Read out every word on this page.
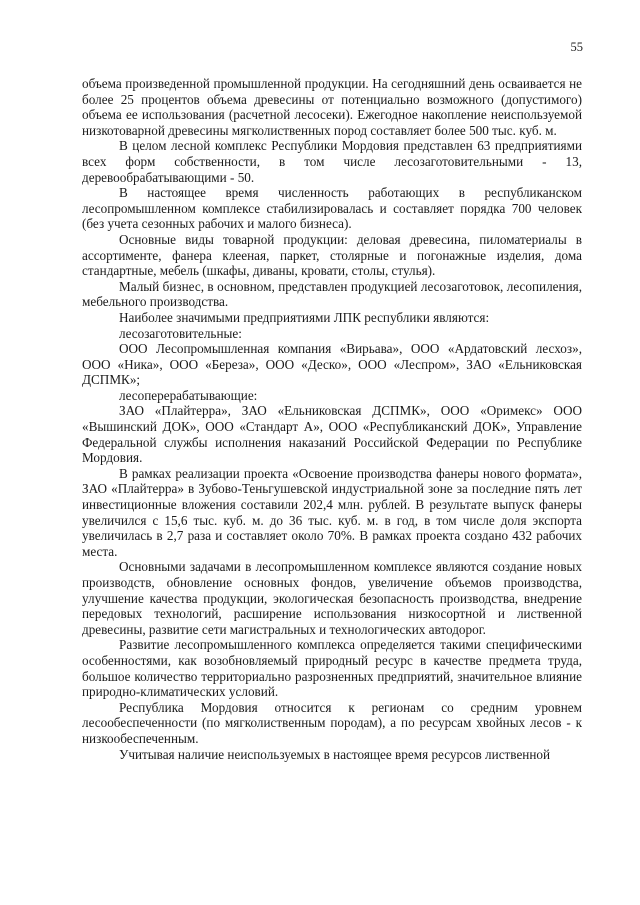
55

объема произведенной промышленной продукции. На сегодняшний день осваивается не более 25 процентов объема древесины от потенциально возможного (допустимого) объема ее использования (расчетной лесосеки). Ежегодное накопление неиспользуемой низкотоварной древесины мягколиственных пород составляет более 500 тыс. куб. м.

В целом лесной комплекс Республики Мордовия представлен 63 предприятиями всех форм собственности, в том числе лесозаготовительными - 13, деревообрабатывающими - 50.

В настоящее время численность работающих в республиканском лесопромышленном комплексе стабилизировалась и составляет порядка 700 человек (без учета сезонных рабочих и малого бизнеса).

Основные виды товарной продукции: деловая древесина, пиломатериалы в ассортименте, фанера клееная, паркет, столярные и погонажные изделия, дома стандартные, мебель (шкафы, диваны, кровати, столы, стулья).

Малый бизнес, в основном, представлен продукцией лесозаготовок, лесопиления, мебельного производства.

Наиболее значимыми предприятиями ЛПК республики являются:

лесозаготовительные:

ООО Лесопромышленная компания «Вирьава», ООО «Ардатовский лесхоз», ООО «Ника», ООО «Береза», ООО «Деско», ООО «Леспром», ЗАО «Ельниковская ДСПМК»;

лесоперерабатывающие:

ЗАО «Плайтерра», ЗАО «Ельниковская ДСПМК», ООО «Оримекс» ООО «Вышинский ДОК», ООО «Стандарт А», ООО «Республиканский ДОК», Управление Федеральной службы исполнения наказаний Российской Федерации по Республике Мордовия.

В рамках реализации проекта «Освоение производства фанеры нового формата», ЗАО «Плайтерра» в Зубово-Теньгушевской индустриальной зоне за последние пять лет инвестиционные вложения составили 202,4 млн. рублей. В результате выпуск фанеры увеличился с 15,6 тыс. куб. м. до 36 тыс. куб. м. в год, в том числе доля экспорта увеличилась в 2,7 раза и составляет около 70%. В рамках проекта создано 432 рабочих места.

Основными задачами в лесопромышленном комплексе являются создание новых производств, обновление основных фондов, увеличение объемов производства, улучшение качества продукции, экологическая безопасность производства, внедрение передовых технологий, расширение использования низкосортной и лиственной древесины, развитие сети магистральных и технологических автодорог.

Развитие лесопромышленного комплекса определяется такими специфическими особенностями, как возобновляемый природный ресурс в качестве предмета труда, большое количество территориально разрозненных предприятий, значительное влияние природно-климатических условий.

Республика Мордовия относится к регионам со средним уровнем лесообеспеченности (по мягколиственным породам), а по ресурсам хвойных лесов - к низкообеспеченным.

Учитывая наличие неиспользуемых в настоящее время ресурсов лиственной
